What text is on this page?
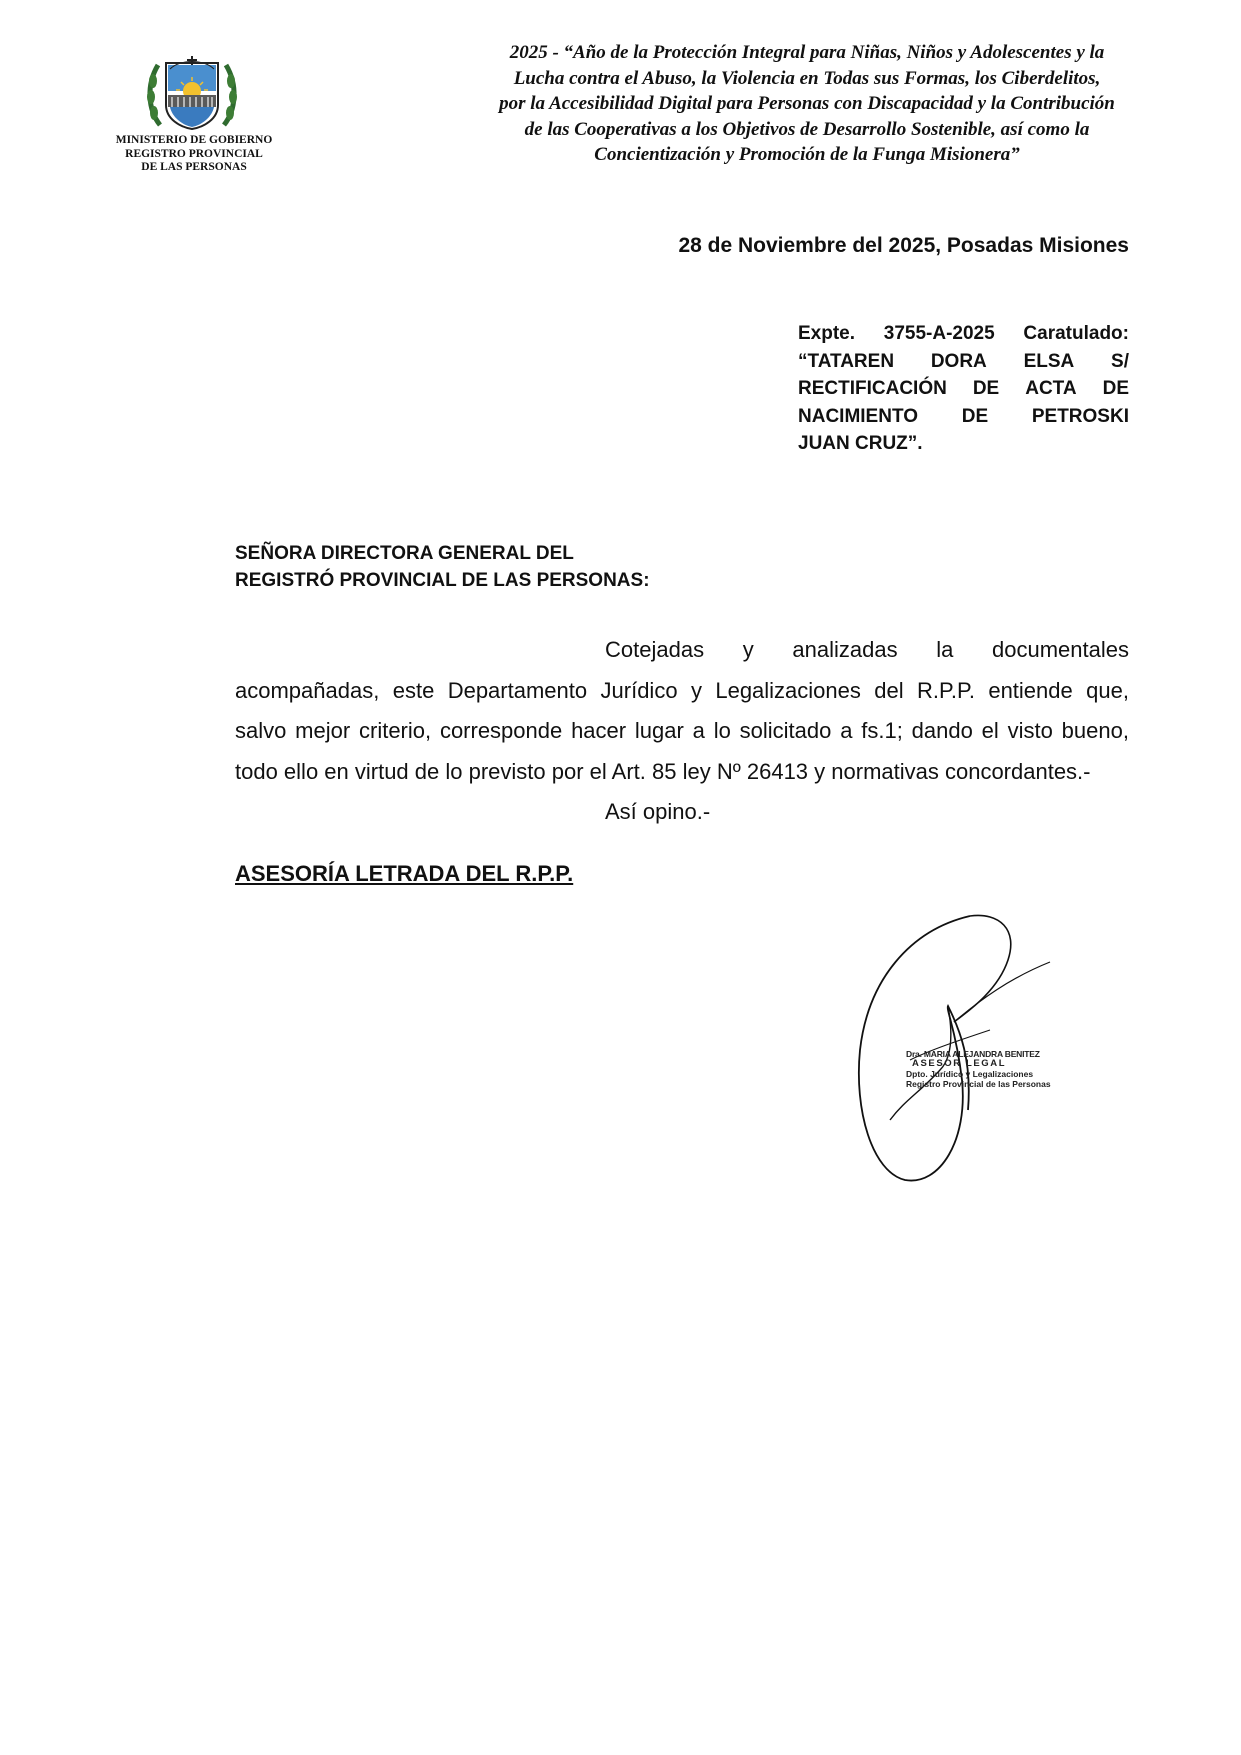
MINISTERIO DE GOBIERNO
REGISTRO PROVINCIAL
DE LAS PERSONAS
2025 - “Año de la Protección Integral para Niñas, Niños y Adolescentes y la
Lucha contra el Abuso, la Violencia en Todas sus Formas, los Ciberdelitos,
por la Accesibilidad Digital para Personas con Discapacidad y la Contribución
de las Cooperativas a los Objetivos de Desarrollo Sostenible, así como la
Concientización y Promoción de la Funga Misionera”
28 de Noviembre del 2025, Posadas Misiones
Expte. 3755-A-2025 Caratulado:
“TATAREN DORA ELSA S/
RECTIFICACIÓN DE ACTA DE
NACIMIENTO DE PETROSKI
JUAN CRUZ”.
SEÑORA DIRECTORA GENERAL DEL
REGISTRÓ PROVINCIAL DE LAS PERSONAS:
Cotejadas y analizadas la documentales
acompañadas, este Departamento Jurídico y Legalizaciones del R.P.P. entiende que,
salvo mejor criterio, corresponde hacer lugar a lo solicitado a fs.1; dando el visto bueno,
todo ello en virtud de lo previsto por el Art. 85 ley Nº 26413 y normativas concordantes.-
Así opino.-
ASESORÍA LETRADA DEL R.P.P.
Dra. MARIA ALEJANDRA BENITEZ
ASESOR LEGAL
Dpto. Jurídico y Legalizaciones
Registro Provincial de las Personas
